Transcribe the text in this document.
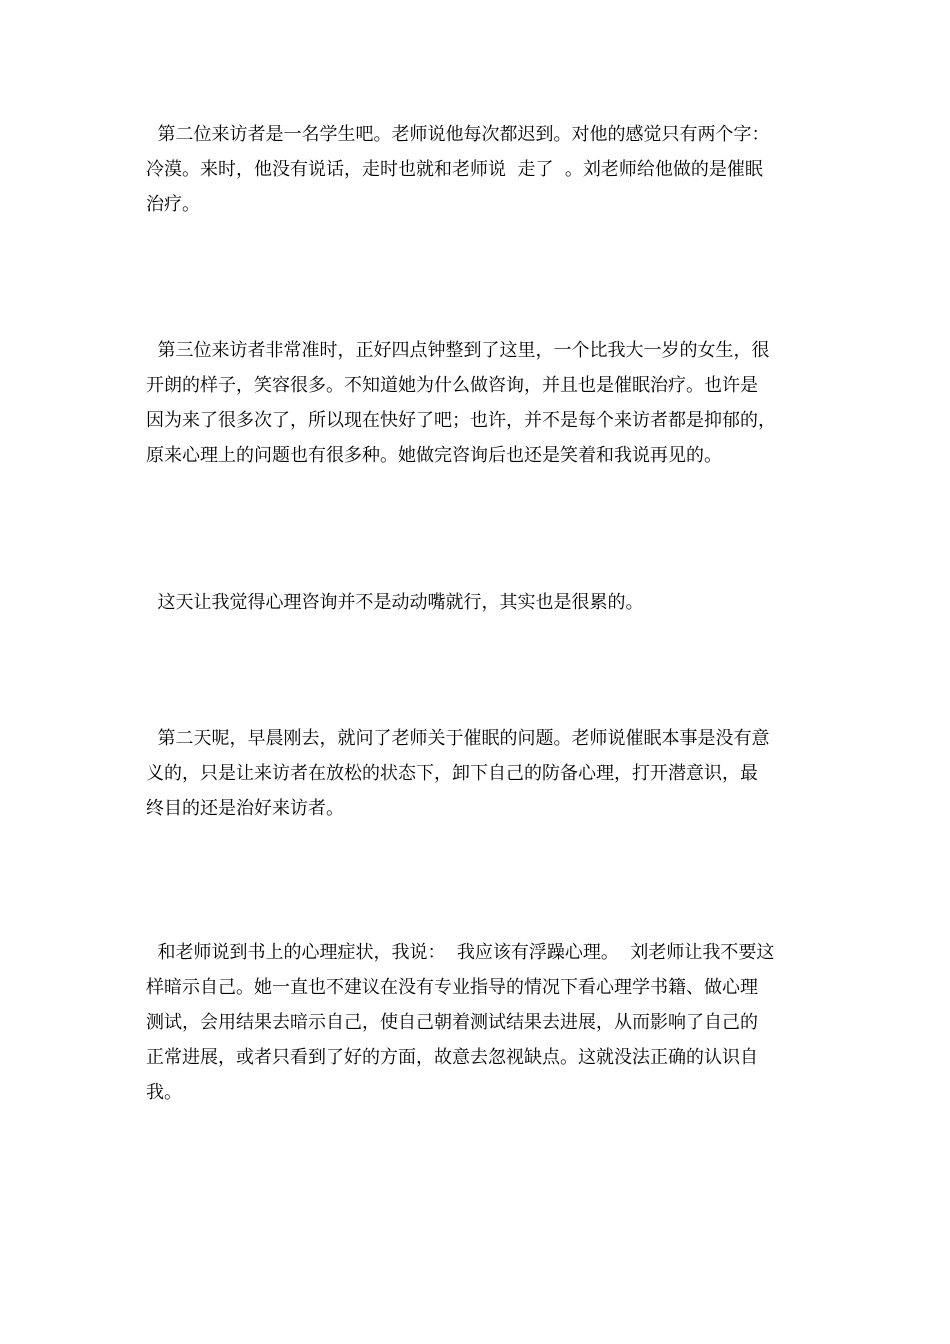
第二位来访者是一名学生吧。老师说他每次都迟到。对他的感觉只有两个字：
冷漠。来时，他没有说话，走时也就和老师说  走了  。刘老师给他做的是催眠
治疗。

第三位来访者非常准时，正好四点钟整到了这里，一个比我大一岁的女生，很
开朗的样子，笑容很多。不知道她为什么做咨询，并且也是催眠治疗。也许是
因为来了很多次了，所以现在快好了吧；也许，并不是每个来访者都是抑郁的，
原来心理上的问题也有很多种。她做完咨询后也还是笑着和我说再见的。

这天让我觉得心理咨询并不是动动嘴就行，其实也是很累的。

第二天呢，早晨刚去，就问了老师关于催眠的问题。老师说催眠本事是没有意
义的，只是让来访者在放松的状态下，卸下自己的防备心理，打开潜意识，最
终目的还是治好来访者。

和老师说到书上的心理症状，我说：  我应该有浮躁心理。  刘老师让我不要这
样暗示自己。她一直也不建议在没有专业指导的情况下看心理学书籍、做心理
测试，会用结果去暗示自己，使自己朝着测试结果去进展，从而影响了自己的
正常进展，或者只看到了好的方面，故意去忽视缺点。这就没法正确的认识自
我。
